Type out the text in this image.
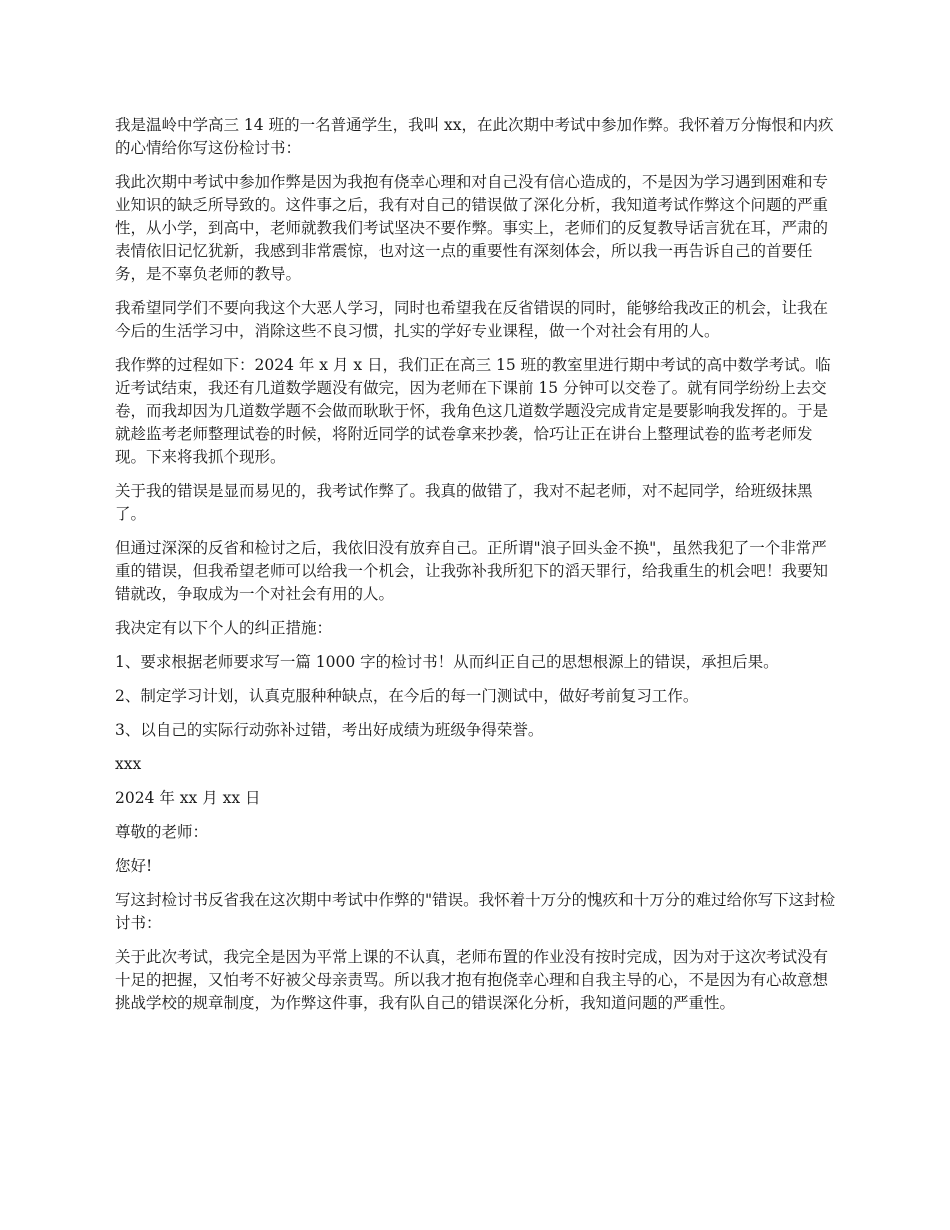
我是温岭中学高三 14 班的一名普通学生，我叫 xx，在此次期中考试中参加作弊。我怀着万分悔恨和内疚的心情给你写这份检讨书：

我此次期中考试中参加作弊是因为我抱有侥幸心理和对自己没有信心造成的，不是因为学习遇到困难和专业知识的缺乏所导致的。这件事之后，我有对自己的错误做了深化分析，我知道考试作弊这个问题的严重性，从小学，到高中，老师就教我们考试坚决不要作弊。事实上，老师们的反复教导话言犹在耳，严肃的表情依旧记忆犹新，我感到非常震惊，也对这一点的重要性有深刻体会，所以我一再告诉自己的首要任务，是不辜负老师的教导。

我希望同学们不要向我这个大恶人学习，同时也希望我在反省错误的同时，能够给我改正的机会，让我在今后的生活学习中，消除这些不良习惯，扎实的学好专业课程，做一个对社会有用的人。

我作弊的过程如下：2024 年 x 月 x 日，我们正在高三 15 班的教室里进行期中考试的高中数学考试。临近考试结束，我还有几道数学题没有做完，因为老师在下课前 15 分钟可以交卷了。就有同学纷纷上去交卷，而我却因为几道数学题不会做而耿耿于怀，我角色这几道数学题没完成肯定是要影响我发挥的。于是就趁监考老师整理试卷的时候，将附近同学的试卷拿来抄袭，恰巧让正在讲台上整理试卷的监考老师发现。下来将我抓个现形。

关于我的错误是显而易见的，我考试作弊了。我真的做错了，我对不起老师，对不起同学，给班级抹黑了。

但通过深深的反省和检讨之后，我依旧没有放弃自己。正所谓"浪子回头金不换"，虽然我犯了一个非常严重的错误，但我希望老师可以给我一个机会，让我弥补我所犯下的滔天罪行，给我重生的机会吧！我要知错就改，争取成为一个对社会有用的人。

我决定有以下个人的纠正措施：

1、要求根据老师要求写一篇 1000 字的检讨书！从而纠正自己的思想根源上的错误，承担后果。

2、制定学习计划，认真克服种种缺点，在今后的每一门测试中，做好考前复习工作。

3、以自己的实际行动弥补过错，考出好成绩为班级争得荣誉。

xxx

2024 年 xx 月 xx 日

尊敬的老师：

您好!

写这封检讨书反省我在这次期中考试中作弊的"错误。我怀着十万分的愧疚和十万分的难过给你写下这封检讨书：

关于此次考试，我完全是因为平常上课的不认真，老师布置的作业没有按时完成，因为对于这次考试没有十足的把握，又怕考不好被父母亲责骂。所以我才抱有抱侥幸心理和自我主导的心，不是因为有心故意想挑战学校的规章制度，为作弊这件事，我有队自己的错误深化分析，我知道问题的严重性。
